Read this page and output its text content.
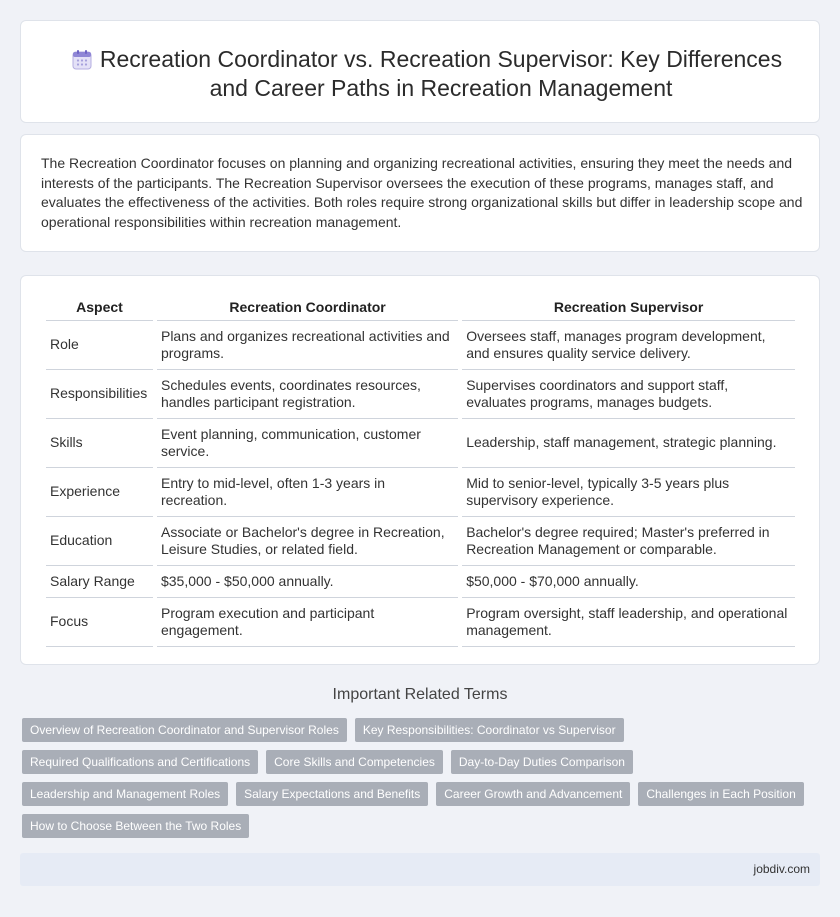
Recreation Coordinator vs. Recreation Supervisor: Key Differences and Career Paths in Recreation Management

The Recreation Coordinator focuses on planning and organizing recreational activities, ensuring they meet the needs and interests of the participants. The Recreation Supervisor oversees the execution of these programs, manages staff, and evaluates the effectiveness of the activities. Both roles require strong organizational skills but differ in leadership scope and operational responsibilities within recreation management.

Aspect	Recreation Coordinator	Recreation Supervisor
Role	Plans and organizes recreational activities and programs.	Oversees staff, manages program development, and ensures quality service delivery.
Responsibilities	Schedules events, coordinates resources, handles participant registration.	Supervises coordinators and support staff, evaluates programs, manages budgets.
Skills	Event planning, communication, customer service.	Leadership, staff management, strategic planning.
Experience	Entry to mid-level, often 1-3 years in recreation.	Mid to senior-level, typically 3-5 years plus supervisory experience.
Education	Associate or Bachelor's degree in Recreation, Leisure Studies, or related field.	Bachelor's degree required; Master's preferred in Recreation Management or comparable.
Salary Range	$35,000 - $50,000 annually.	$50,000 - $70,000 annually.
Focus	Program execution and participant engagement.	Program oversight, staff leadership, and operational management.
Important Related Terms
Overview of Recreation Coordinator and Supervisor Roles	Key Responsibilities: Coordinator vs Supervisor
Required Qualifications and Certifications	Core Skills and Competencies	Day-to-Day Duties Comparison
Leadership and Management Roles	Salary Expectations and Benefits	Career Growth and Advancement	Challenges in Each Position
How to Choose Between the Two Roles
jobdiv.com
